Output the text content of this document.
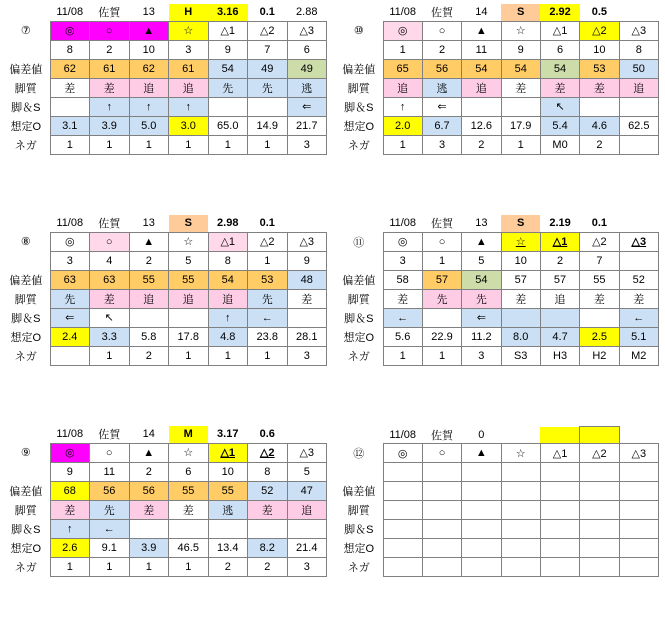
	11/08	佐賀	13	H	3.16	0.1	2.88
⑦	◎	○	▲	☆	△1	△2	△3
	8	2	10	3	9	7	6
偏差値	62	61	62	61	54	49	49
脚質	差	差	追	追	先	先	逃
脚＆S		↑	↑	↑			⇐
想定O	3.1	3.9	5.0	3.0	65.0	14.9	21.7
ネガ	1	1	1	1	1	1	3
	11/08	佐賀	14	S	2.92	0.5	
⑩	◎	○	▲	☆	△1	△2	△3
	1	2	11	9	6	10	8
偏差値	65	56	54	54	54	53	50
脚質	追	逃	追	差	差	差	追
脚＆S	↑	⇐			↖		
想定O	2.0	6.7	12.6	17.9	5.4	4.6	62.5
ネガ	1	3	2	1	M0	2	
	11/08	佐賀	13	S	2.98	0.1	
⑧	◎	○	▲	☆	△1	△2	△3
	3	4	2	5	8	1	9
偏差値	63	63	55	55	54	53	48
脚質	先	差	追	追	追	先	差
脚＆S	⇐	↖			↑	←	
想定O	2.4	3.3	5.8	17.8	4.8	23.8	28.1
ネガ		1	2	1	1	1	3
	11/08	佐賀	13	S	2.19	0.1	
⑪	◎	○	▲	☆	△1	△2	△3
	3	1	5	10	2	7	
偏差値	58	57	54	57	57	55	52
脚質	差	先	先	差	追	差	差
脚＆S	←		⇐				←
想定O	5.6	22.9	11.2	8.0	4.7	2.5	5.1
ネガ	1	1	3	S3	H3	H2	M2
	11/08	佐賀	14	M	3.17	0.6	
⑨	◎	○	▲	☆	△1	△2	△3
	9	11	2	6	10	8	5
偏差値	68	56	56	55	55	52	47
脚質	差	先	差	差	逃	差	追
脚＆S	↑	←					
想定O	2.6	9.1	3.9	46.5	13.4	8.2	21.4
ネガ	1	1	1	1	2	2	3
	11/08	佐賀	0				
⑫	◎	○	▲	☆	△1	△2	△3

偏差値							
脚質							
脚＆S							
想定O							
ネガ							
